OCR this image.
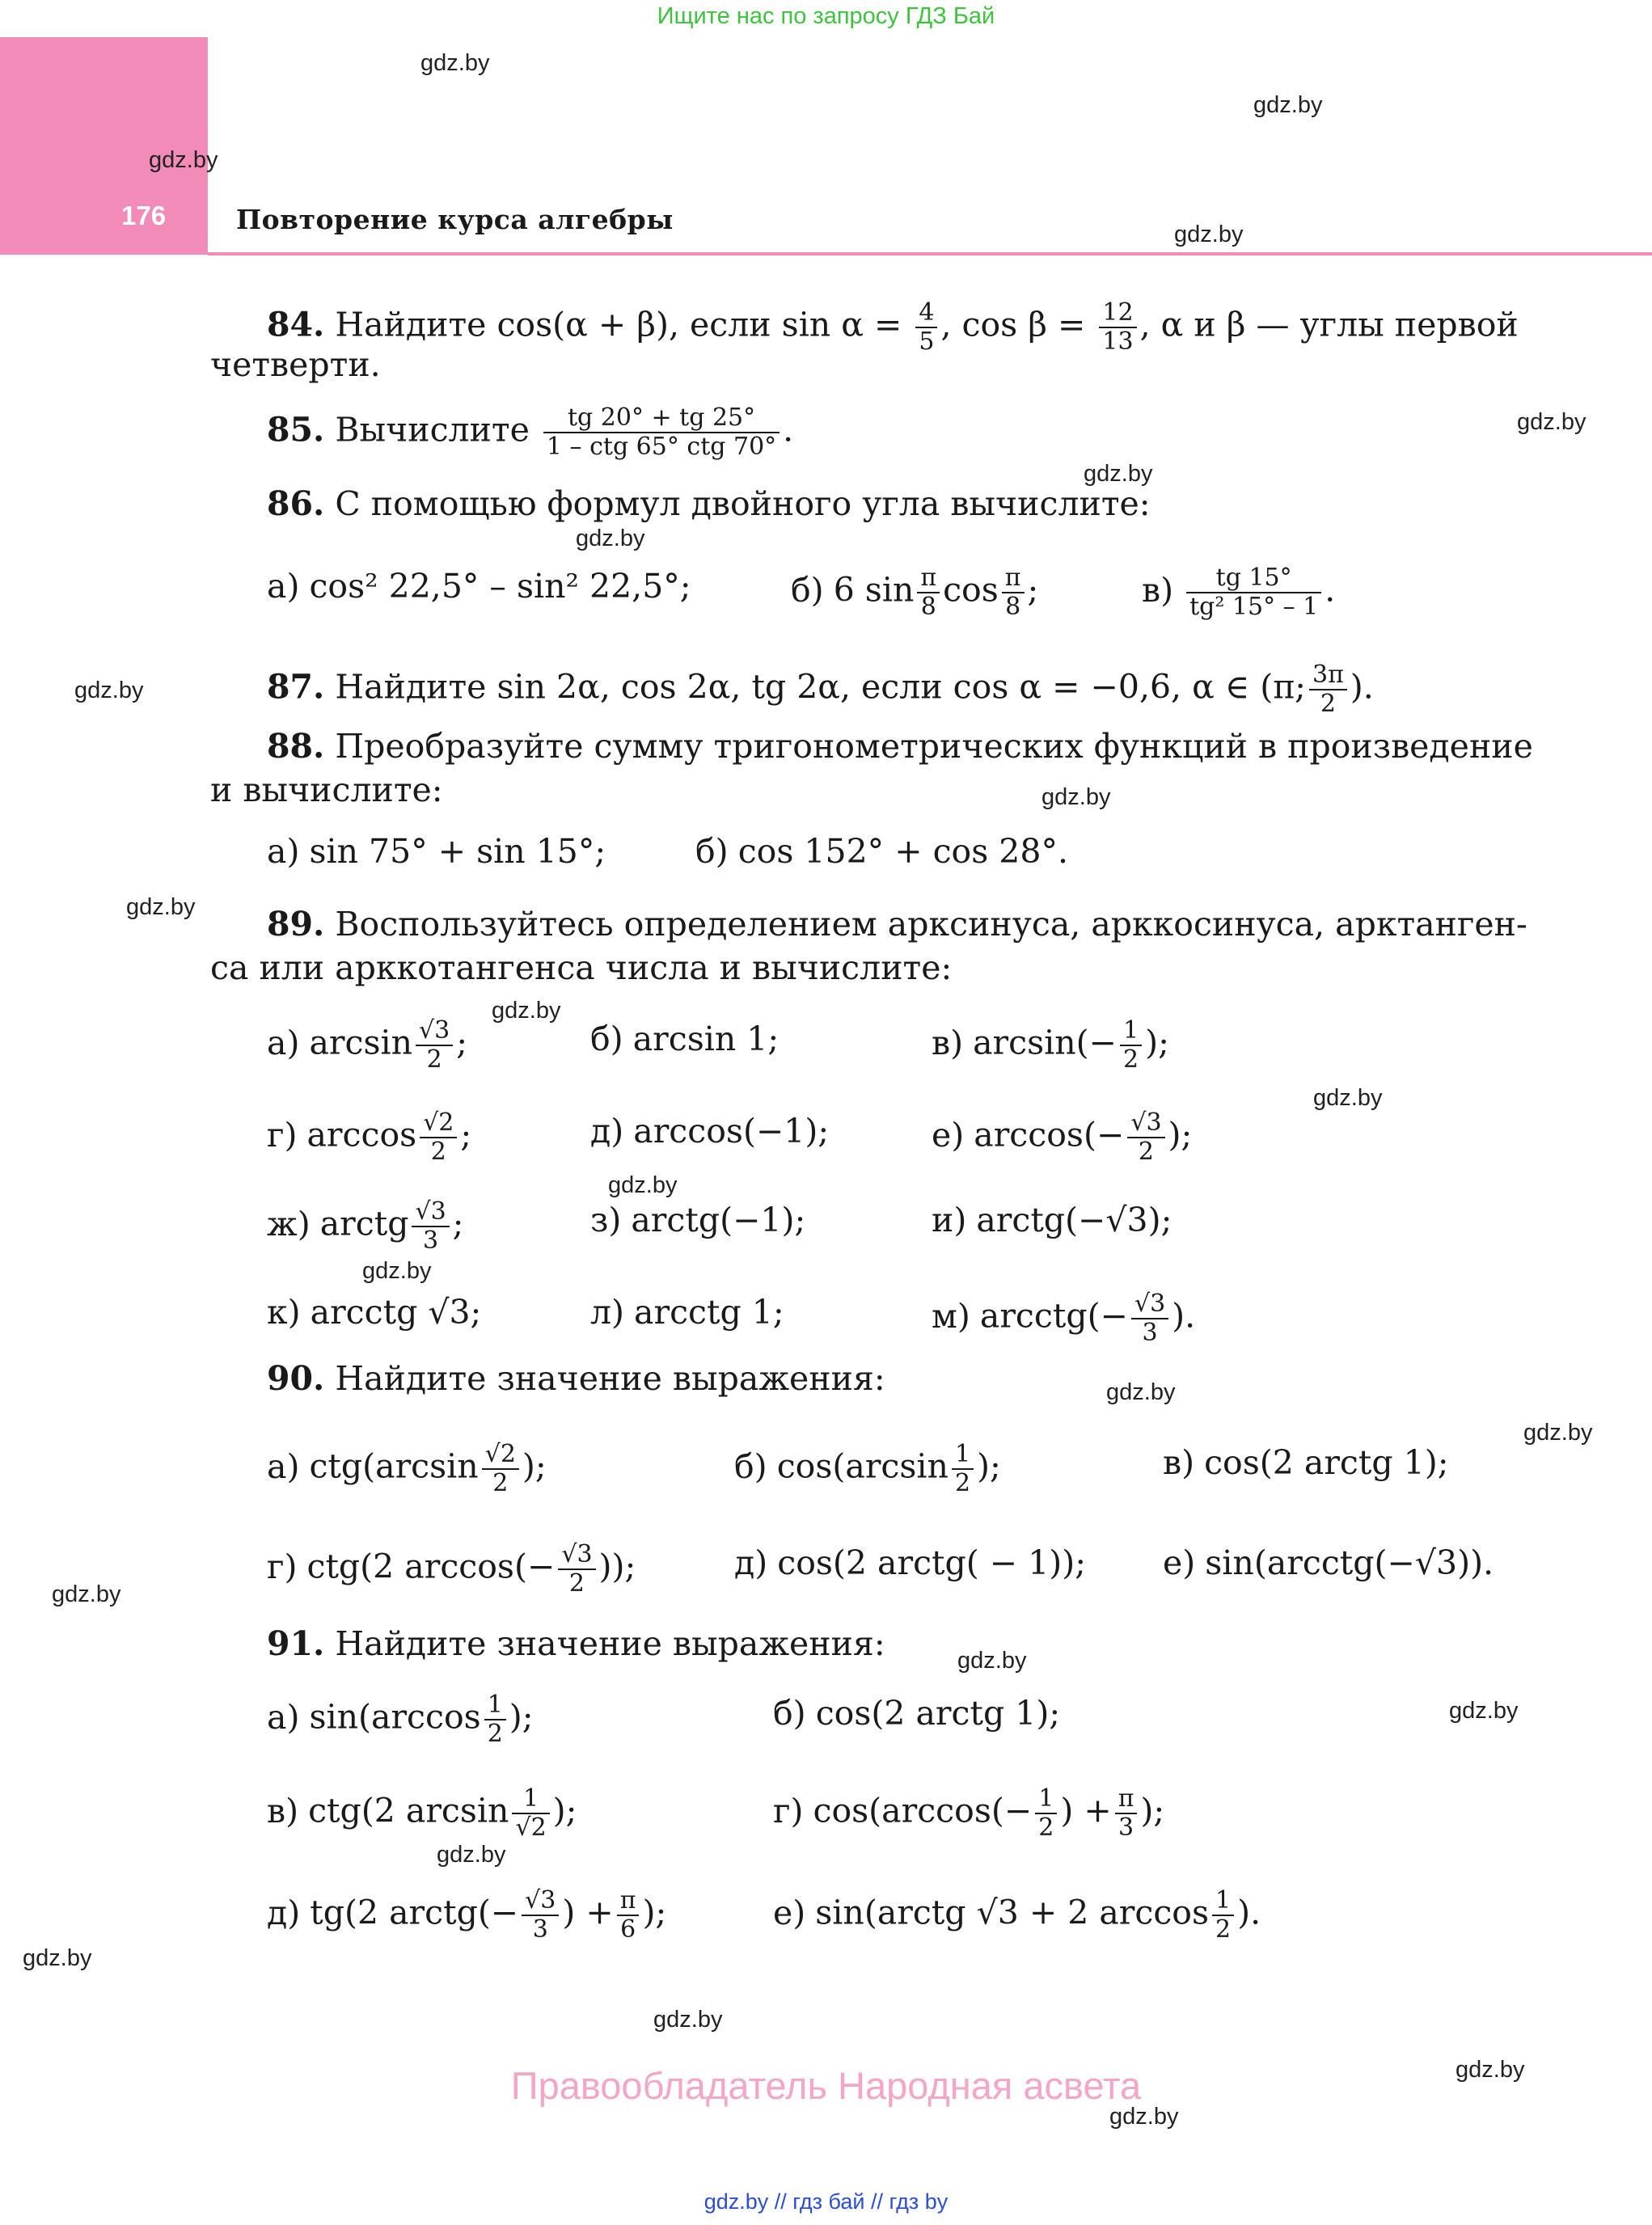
Ищите нас по запросу ГДЗ Бай
176	Повторение курса алгебры
gdz.by
gdz.by
gdz.by
gdz.by
gdz.by
gdz.by
gdz.by
gdz.by
gdz.by
gdz.by
gdz.by
gdz.by
gdz.by
gdz.by
gdz.by
gdz.by
gdz.by
gdz.by
gdz.by
gdz.by
gdz.by
gdz.by
gdz.by
gdz.by
84. Найдите cos(α + β), если $\sin \alpha = \frac{4}{5}$ , $\cos \beta = \frac{12}{13}$ , α и β — углы первой
четверти.
85. Вычислите $\frac{tg 20^\circ + tg 25^\circ}{\text{1 – ctg 65° ctg 70°}}$ .
86. С помощью формул двойного угла вычислите:
а) cos² 22,5° – sin² 22,5°;	б) 6 $\sin \frac{\pi}{8}$ $\cos \frac{\pi}{8}$ ;	$в) \frac{tg 15^\circ}{\text{tg² 15° – 1}}$ .
87. Найдите sin 2α, cos 2α, tg 2α, если cos α = −0,6, α ∈ (π; $\frac{3\pi}{2}$ ).
88. Преобразуйте сумму тригонометрических функций в произведение
и вычислите:
а) sin 75° + sin 15°;	б) cos 152° + cos 28°.
89. Воспользуйтесь определением арксинуса, арккосинуса, арктанген-
са или арккотангенса числа и вычислите:
а) $\arcsin \frac{√3}{2}$ ;	б) arcsin 1;	в) $\arcsin(- \frac{1}{2}$ );
г) $\arccos \frac{√2}{2}$ ;	д) arccos(−1);	е) $\arccos(- \frac{√3}{2}$ );
ж) arctg $\frac{√3}{3}$ ;	з) arctg(−1);	и) arctg(−√3);
к) arcctg √3;	л) arcctg 1;	м) arcctg(− $\frac{√3}{3}$ ).
90. Найдите значение выражения:
а) $ctg(\arcsin \frac{√2}{2}$ );	б) $\cos(\arcsin \frac{1}{2}$ );	в) cos(2 arctg 1);
г) ctg(2 $\arccos(- \frac{√3}{2}$ ));	д) cos(2 arctg( − 1)); е) sin(arcctg(−√3)).
91. Найдите значение выражения:
а) $\sin(\arccos \frac{1}{2}$ );	б) cos(2 arctg 1);
в) ctg(2 $\arcsin \frac{1}{√2}$ );	г) $\cos(\arccos(- \frac{1}{2}$ ) + $\frac{\pi}{3}$ );
д) tg(2 arctg(− $\frac{√3}{3}$ ) + $\frac{\pi}{6}$ );	е) sin(arctg √3 + 2 $\arccos \frac{1}{2}$ ).
Правообладатель Народная асвета
gdz.by // гдз бай // гдз by
